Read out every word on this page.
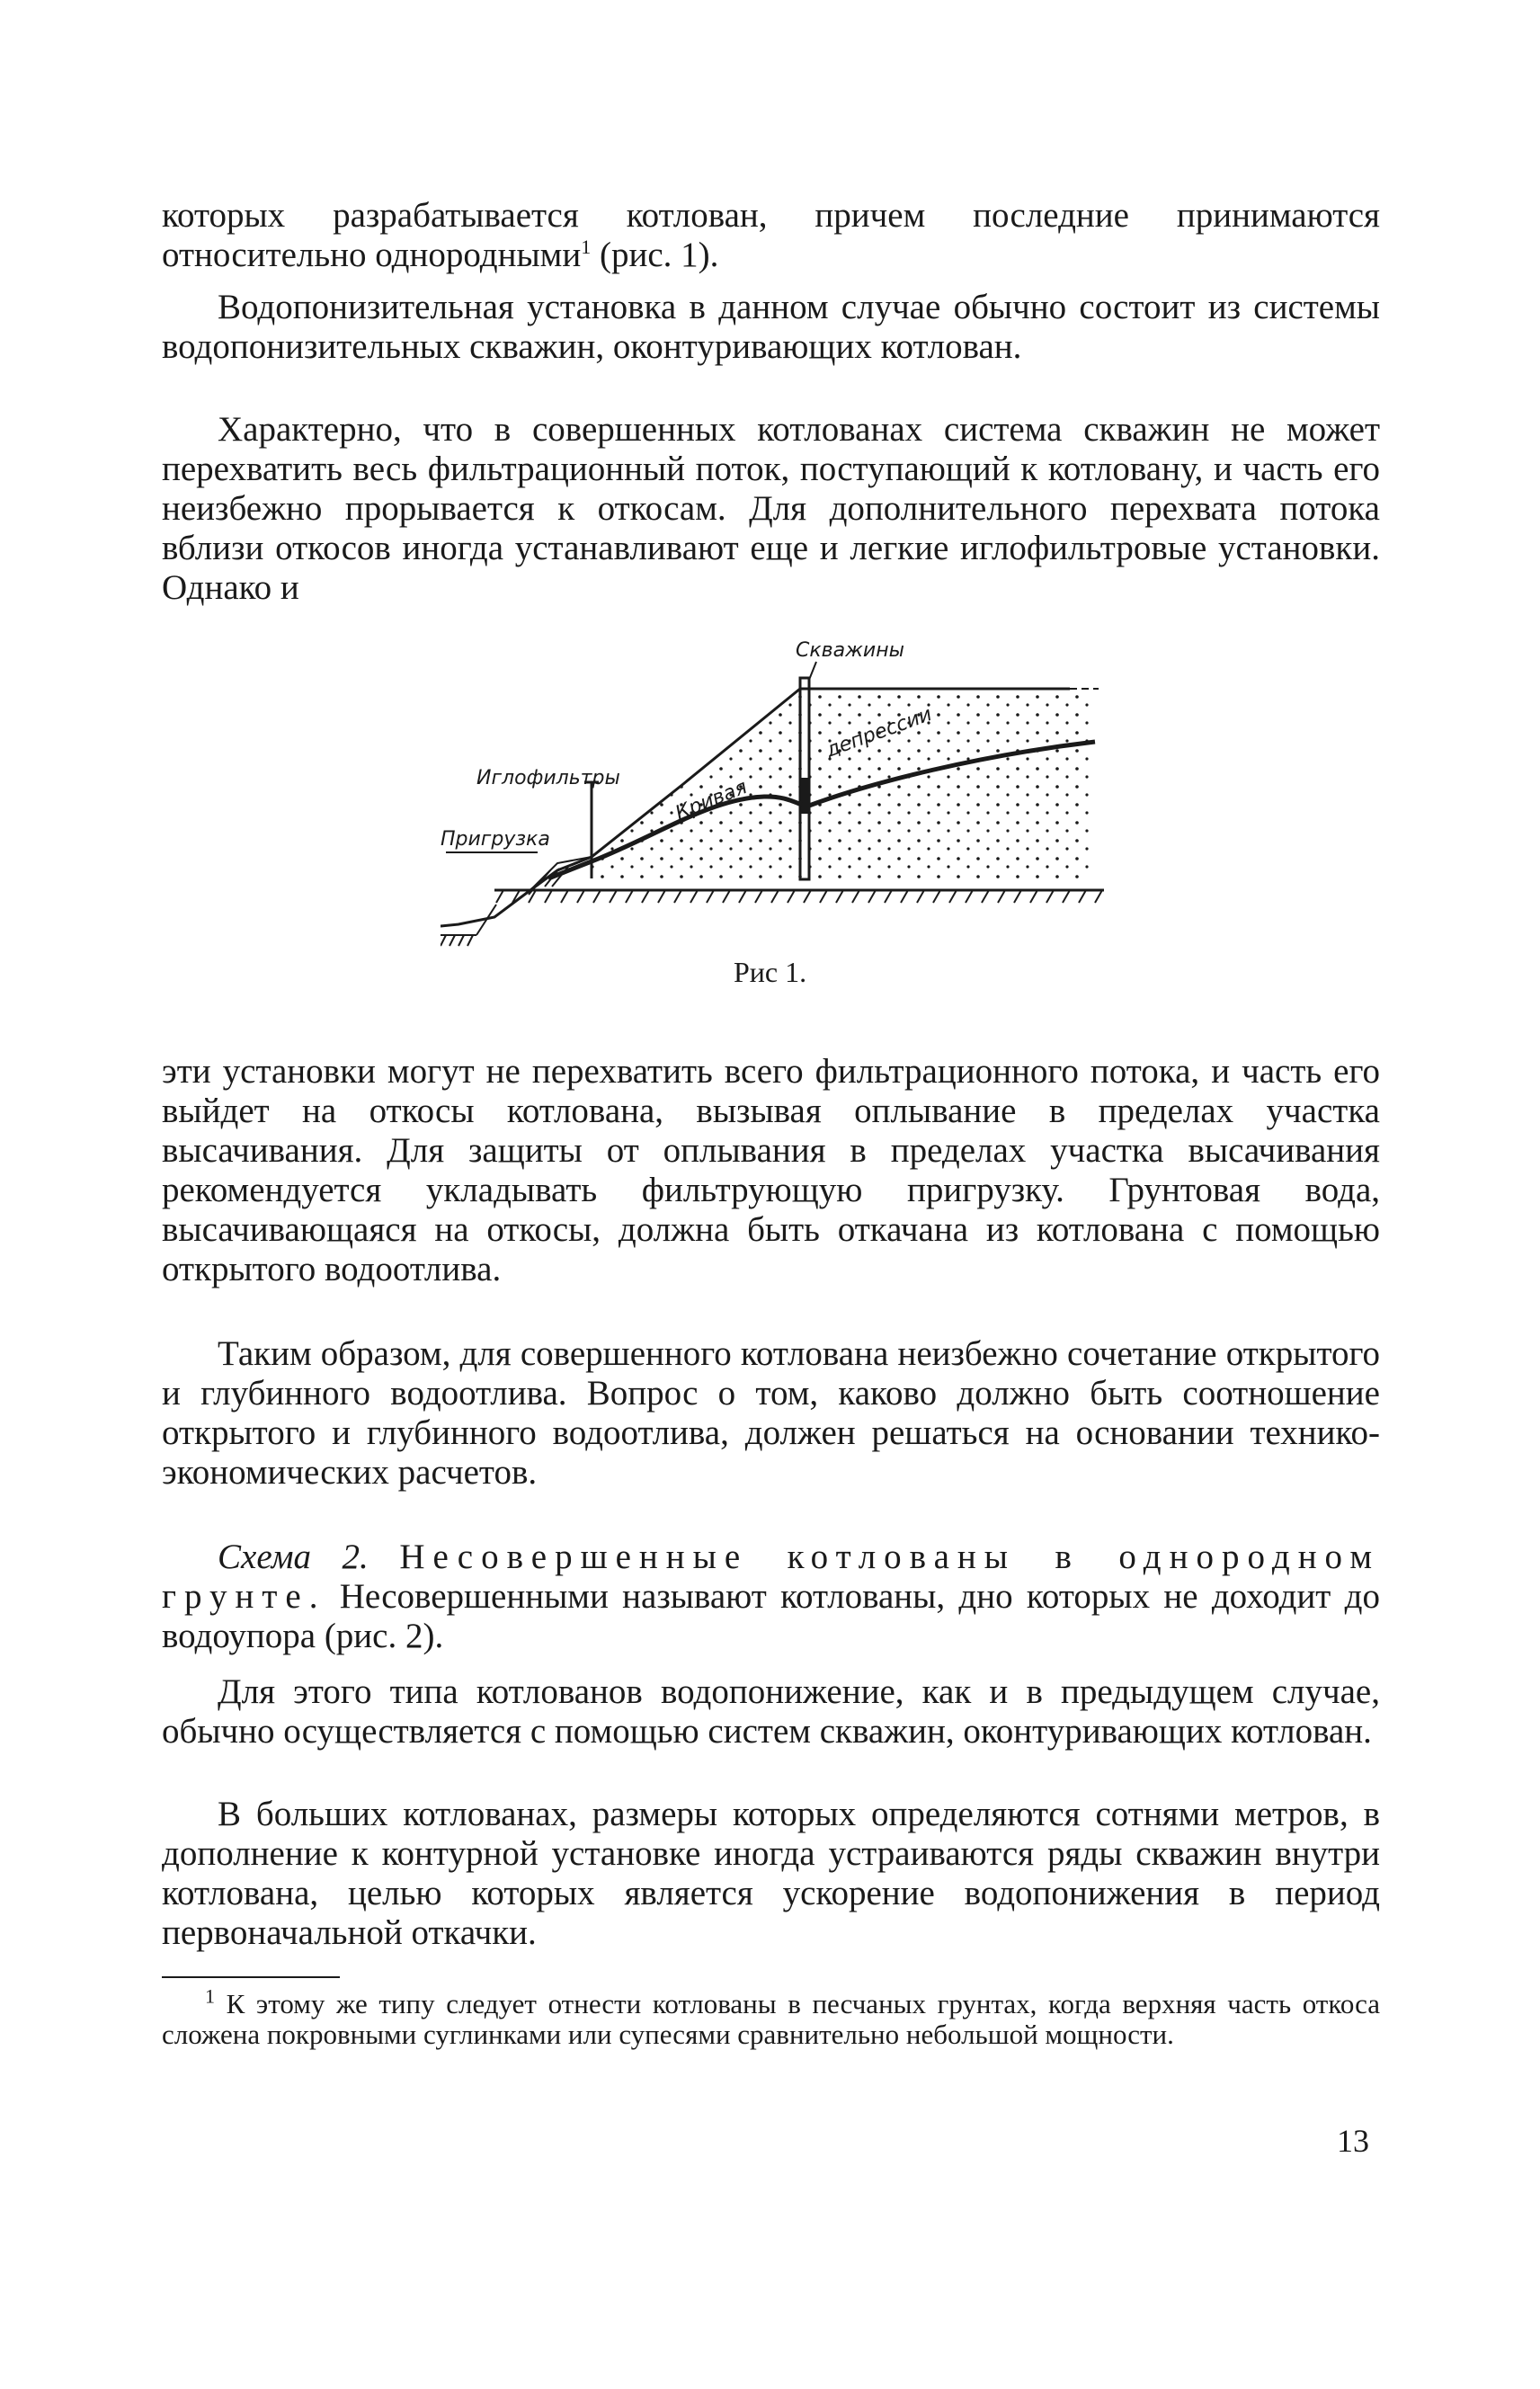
которых разрабатывается котлован, причем последние принимаются относительно однородными$^1$ (рис. 1).

Водопонизительная установка в данном случае обычно состоит из системы водопонизительных скважин, оконтуривающих котлован.

Характерно, что в совершенных котлованах система скважин не может перехватить весь фильтрационный поток, поступающий к котловану, и часть его неизбежно прорывается к откосам. Для дополнительного перехвата потока вблизи откосов иногда устанавливают еще и легкие иглофильтровые установки. Однако и

Скважины
Иглофильтры
Пригрузка
Кривая
депрессии

Рис 1.

эти установки могут не перехватить всего фильтрационного потока, и часть его выйдет на откосы котлована, вызывая оплывание в пределах участка высачивания. Для защиты от оплывания в пределах участка высачивания рекомендуется укладывать фильтрующую пригрузку. Грунтовая вода, высачивающаяся на откосы, должна быть откачана из котлована с помощью открытого водоотлива.

Таким образом, для совершенного котлована неизбежно сочетание открытого и глубинного водоотлива. Вопрос о том, каково должно быть соотношение открытого и глубинного водоотлива, должен решаться на основании технико-экономических расчетов.

Схема 2. Несовершенные котлованы в однородном грунте. Несовершенными называют котлованы, дно которых не доходит до водоупора (рис. 2).

Для этого типа котлованов водопонижение, как и в предыдущем случае, обычно осуществляется с помощью систем скважин, оконтуривающих котлован.

В больших котлованах, размеры которых определяются сотнями метров, в дополнение к контурной установке иногда устраиваются ряды скважин внутри котлована, целью которых является ускорение водопонижения в период первоначальной откачки.

$^1$ К этому же типу следует отнести котлованы в песчаных грунтах, когда верхняя часть откоса сложена покровными суглинками или супесями сравнительно небольшой мощности.

13
